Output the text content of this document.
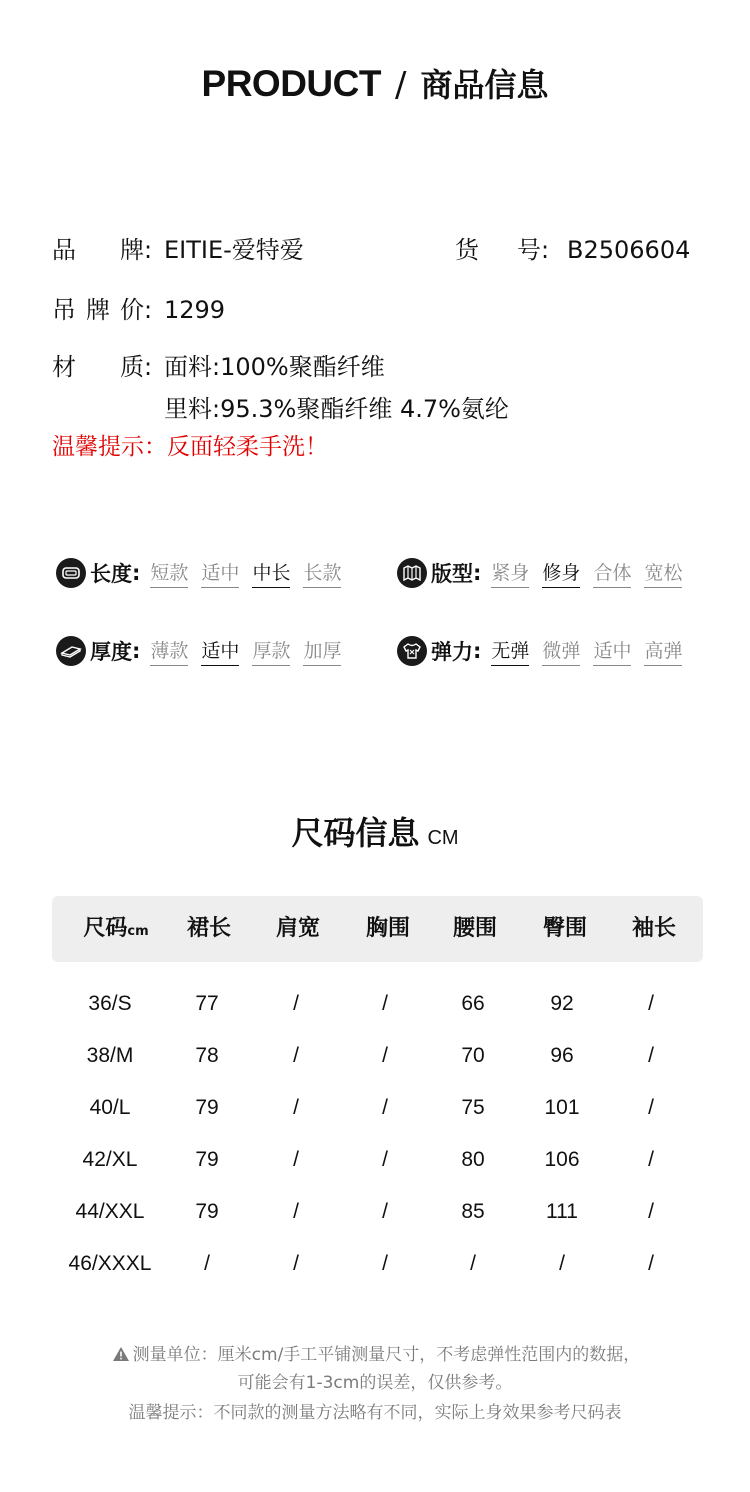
PRODUCT / 商品信息
品牌: EITIE-爱特爱	货号: B2506604
吊牌价: 1299
材质: 面料:100%聚酯纤维
里料:95.3%聚酯纤维 4.7%氨纶
温馨提示：反面轻柔手洗！
长度 : 短款 适中 中长 长款	版型 : 紧身 修身 合体 宽松
厚度 : 薄款 适中 厚款 加厚	弹力 : 无弹 微弹 适中 高弹
尺码信息 CM
尺码cm	裙长	肩宽	胸围	腰围	臀围	袖长
36/S	77	/	/	66	92	/
38/M	78	/	/	70	96	/
40/L	79	/	/	75	101	/
42/XL	79	/	/	80	106	/
44/XXL	79	/	/	85	111	/
46/XXXL	/	/	/	/	/	/
测量单位：厘米cm/手工平铺测量尺寸，不考虑弹性范围内的数据，
可能会有1-3cm的误差，仅供参考。
温馨提示：不同款的测量方法略有不同，实际上身效果参考尺码表
